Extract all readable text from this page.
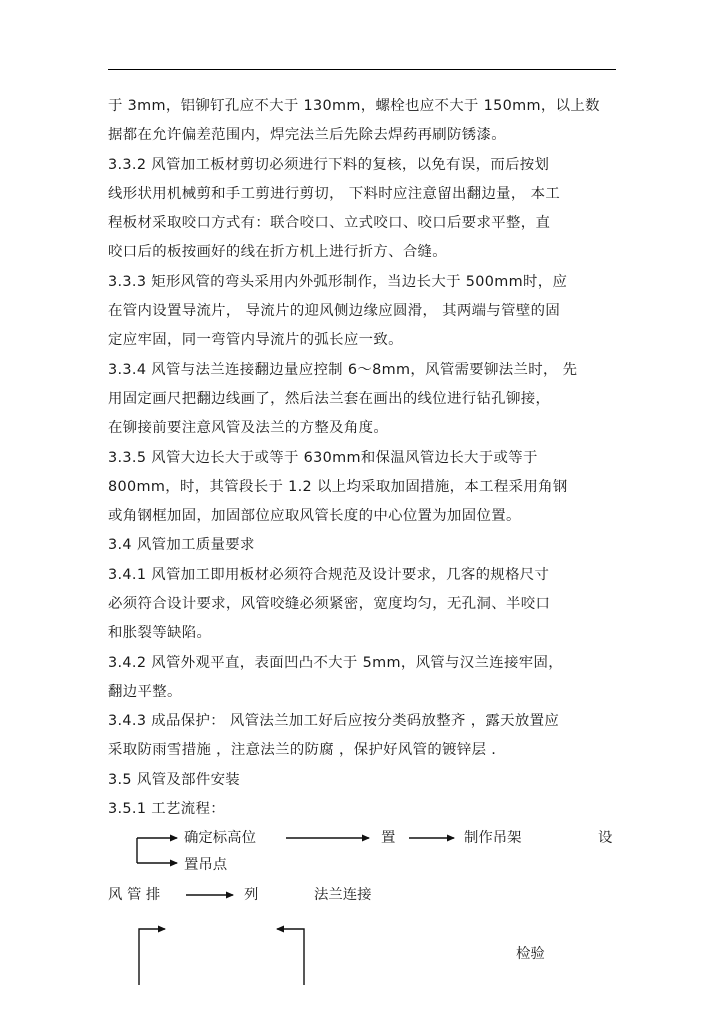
于 3mm，铝铆钉孔应不大于 130mm，螺栓也应不大于 150mm，以上数
据都在允许偏差范围内，焊完法兰后先除去焊药再刷防锈漆。
3.3.2 风管加工板材剪切必须进行下料的复核，以免有误，而后按划
线形状用机械剪和手工剪进行剪切， 下料时应注意留出翻边量， 本工
程板材采取咬口方式有：联合咬口、立式咬口、咬口后要求平整，直
咬口后的板按画好的线在折方机上进行折方、合缝。
3.3.3 矩形风管的弯头采用内外弧形制作，当边长大于 500mm时，应
在管内设置导流片， 导流片的迎风侧边缘应圆滑， 其两端与管壁的固
定应牢固，同一弯管内导流片的弧长应一致。
3.3.4 风管与法兰连接翻边量应控制 6～8mm，风管需要铆法兰时， 先
用固定画尺把翻边线画了，然后法兰套在画出的线位进行钻孔铆接，
在铆接前要注意风管及法兰的方整及角度。
3.3.5 风管大边长大于或等于 630mm和保温风管边长大于或等于
800mm，时，其管段长于 1.2 以上均采取加固措施，本工程采用角钢
或角钢框加固，加固部位应取风管长度的中心位置为加固位置。
3.4 风管加工质量要求
3.4.1 风管加工即用板材必须符合规范及设计要求，几客的规格尺寸
必须符合设计要求，风管咬缝必须紧密，宽度均匀，无孔洞、半咬口
和胀裂等缺陷。
3.4.2 风管外观平直，表面凹凸不大于 5mm，风管与汉兰连接牢固，
翻边平整。
3.4.3 成品保护： 风管法兰加工好后应按分类码放整齐 ，露天放置应
采取防雨雪措施 ，注意法兰的防腐 ，保护好风管的镀锌层 .
3.5 风管及部件安装
3.5.1 工艺流程：
确定标高位	置	制作吊架	设
置吊点
风 管 排	列	法兰连接
检验
